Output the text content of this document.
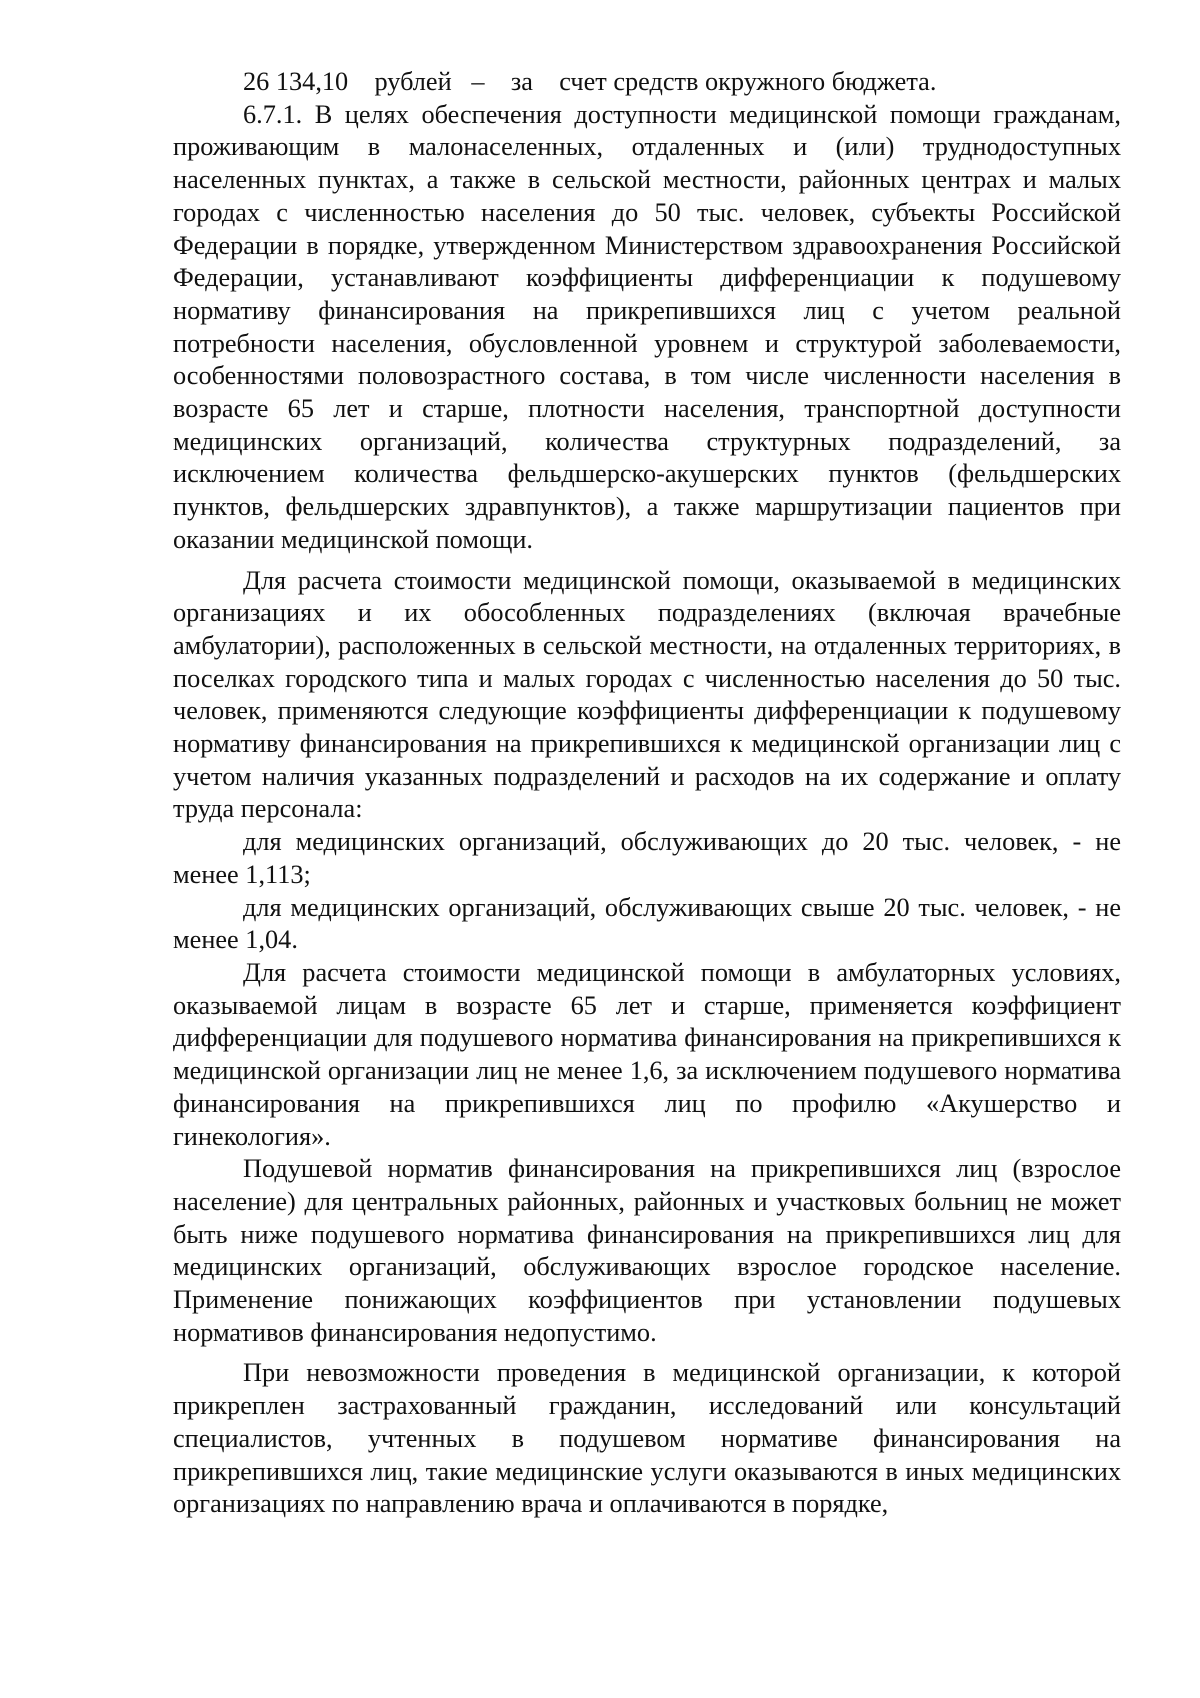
26 134,10    рублей   –    за    счет средств окружного бюджета.

6.7.1. В целях обеспечения доступности медицинской помощи гражданам, проживающим в малонаселенных, отдаленных и (или) труднодоступных населенных пунктах, а также в сельской местности, районных центрах и малых городах с численностью населения до 50 тыс. человек, субъекты Российской Федерации в порядке, утвержденном Министерством здравоохранения Российской Федерации, устанавливают коэффициенты дифференциации к подушевому нормативу финансирования на прикрепившихся лиц с учетом реальной потребности населения, обусловленной уровнем и структурой заболеваемости, особенностями половозрастного состава, в том числе численности населения в возрасте 65 лет и старше, плотности населения, транспортной доступности медицинских организаций, количества структурных подразделений, за исключением количества фельдшерско-акушерских пунктов (фельдшерских пунктов, фельдшерских здравпунктов), а также маршрутизации пациентов при оказании медицинской помощи.

Для расчета стоимости медицинской помощи, оказываемой в медицинских организациях и их обособленных подразделениях (включая врачебные амбулатории), расположенных в сельской местности, на отдаленных территориях, в поселках городского типа и малых городах с численностью населения до 50 тыс. человек, применяются следующие коэффициенты дифференциации к подушевому нормативу финансирования на прикрепившихся к медицинской организации лиц с учетом наличия указанных подразделений и расходов на их содержание и оплату труда персонала:

для медицинских организаций, обслуживающих до 20 тыс. человек, - не менее 1,113;

для медицинских организаций, обслуживающих свыше 20 тыс. человек, - не менее 1,04.

Для расчета стоимости медицинской помощи в амбулаторных условиях, оказываемой лицам в возрасте 65 лет и старше, применяется коэффициент дифференциации для подушевого норматива финансирования на прикрепившихся к медицинской организации лиц не менее 1,6, за исключением подушевого норматива финансирования на прикрепившихся лиц по профилю «Акушерство и гинекология».

Подушевой норматив финансирования на прикрепившихся лиц (взрослое население) для центральных районных, районных и участковых больниц не может быть ниже подушевого норматива финансирования на прикрепившихся лиц для медицинских организаций, обслуживающих взрослое городское население. Применение понижающих коэффициентов при установлении подушевых нормативов финансирования недопустимо.

При невозможности проведения в медицинской организации, к которой прикреплен застрахованный гражданин, исследований или консультаций специалистов, учтенных в подушевом нормативе финансирования на прикрепившихся лиц, такие медицинские услуги оказываются в иных медицинских организациях по направлению врача и оплачиваются в порядке,
